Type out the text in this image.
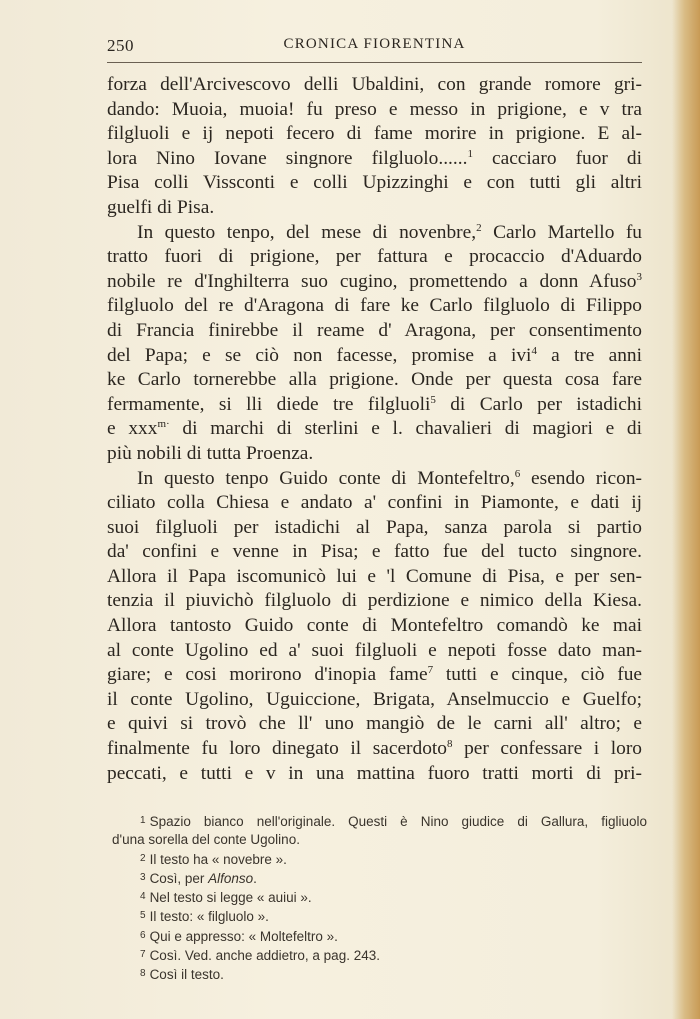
250	CRONICA FIORENTINA
forza dell'Arcivescovo delli Ubaldini, con grande romore gri-
dando: Muoia, muoia! fu preso e messo in prigione, e v tra
filgluoli e ij nepoti fecero di fame morire in prigione. E al-
lora Nino Iovane singnore filgluolo......$^1$ cacciaro fuor di
Pisa colli Vissconti e colli Upizzinghi e con tutti gli altri
guelfi di Pisa.
In questo tenpo, del mese di novenbre,$^2$ Carlo Martello fu
tratto fuori di prigione, per fattura e procaccio d'Aduardo
nobile re d'Inghilterra suo cugino, promettendo a donn Afuso$^3$
filgluolo del re d'Aragona di fare ke Carlo filgluolo di Filippo
di Francia finirebbe il reame d' Aragona, per consentimento
del Papa; e se ciò non facesse, promise a ivi$^4$ a tre anni
ke Carlo tornerebbe alla prigione. Onde per questa cosa fare
fermamente, si lli diede tre filgluoli$^5$ di Carlo per istadichi
e xxx$^{m\cdot}$ di marchi di sterlini e l. chavalieri di magiori e di
più nobili di tutta Proenza.
In questo tenpo Guido conte di Montefeltro,$^6$ esendo ricon-
ciliato colla Chiesa e andato a' confini in Piamonte, e dati ij
suoi filgluoli per istadichi al Papa, sanza parola si partio
da' confini e venne in Pisa; e fatto fue del tucto singnore.
Allora il Papa iscomunicò lui e 'l Comune di Pisa, e per sen-
tenzia il piuvichò filgluolo di perdizione e nimico della Kiesa.
Allora tantosto Guido conte di Montefeltro comandò ke mai
al conte Ugolino ed a' suoi filgluoli e nepoti fosse dato man-
giare; e cosi morirono d'inopia fame$^7$ tutti e cinque, ciò fue
il conte Ugolino, Uguiccione, Brigata, Anselmuccio e Guelfo;
e quivi si trovò che ll' uno mangiò de le carni all' altro; e
finalmente fu loro dinegato il sacerdoto$^8$ per confessare i loro
peccati, e tutti e v in una mattina fuoro tratti morti di pri-
$^1$ Spazio bianco nell'originale. Questi è Nino giudice di Gallura, figliuolo
d'una sorella del conte Ugolino.
$^2$ Il testo ha « novebre ».
$^3$ Così, per Alfonso.
$^4$ Nel testo si legge « auiui ».
$^5$ Il testo: « filgluolo ».
$^6$ Qui e appresso: « Moltefeltro ».
$^7$ Così. Ved. anche addietro, a pag. 243.
$^8$ Così il testo.
